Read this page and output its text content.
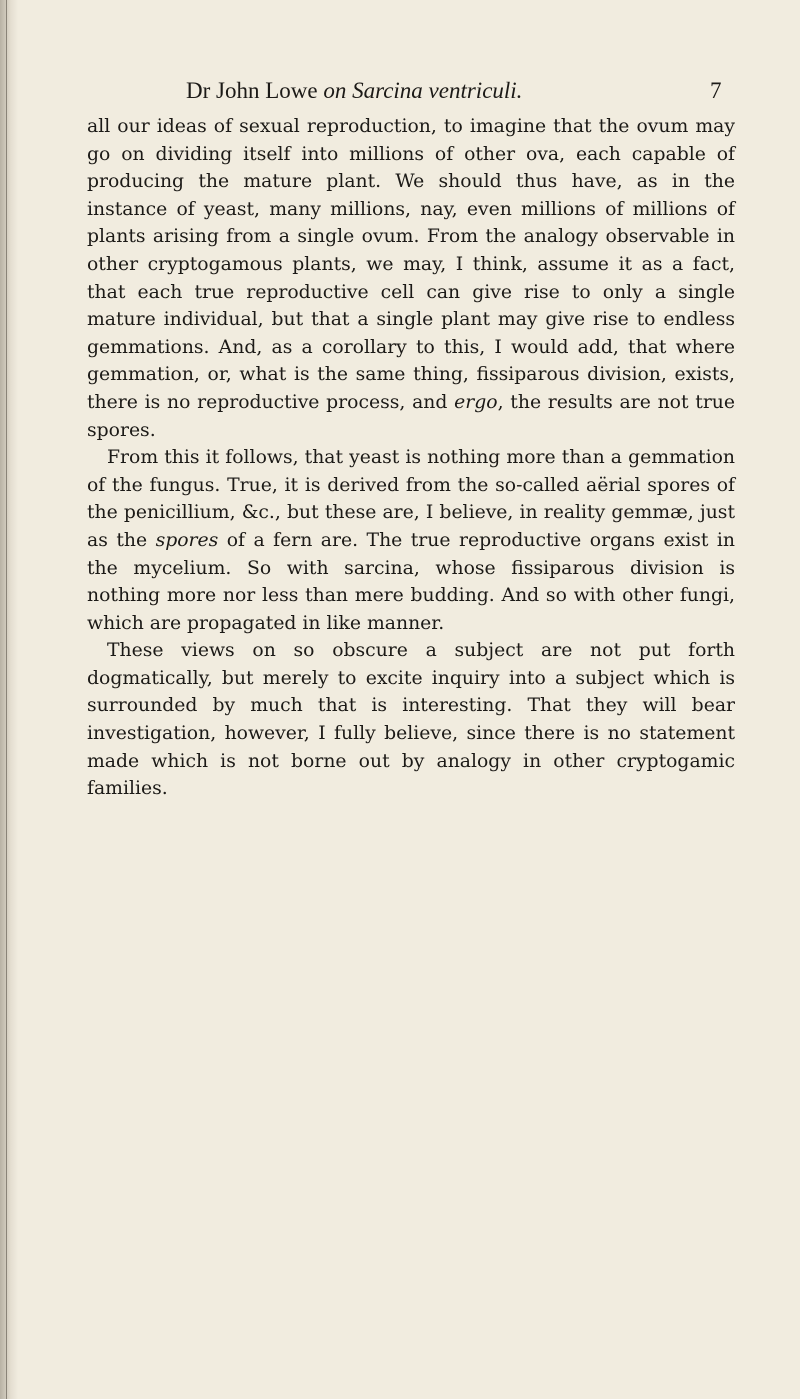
Dr John Lowe on Sarcina ventriculi.	7

all our ideas of sexual reproduction, to imagine that the ovum may go on dividing itself into millions of other ova, each capable of producing the mature plant. We should thus have, as in the instance of yeast, many millions, nay, even millions of millions of plants arising from a single ovum. From the analogy observable in other cryptogamous plants, we may, I think, assume it as a fact, that each true reproductive cell can give rise to only a single mature individual, but that a single plant may give rise to endless gemmations. And, as a corollary to this, I would add, that where gemmation, or, what is the same thing, fissiparous division, exists, there is no reproductive process, and ergo, the results are not true spores.

From this it follows, that yeast is nothing more than a gemmation of the fungus. True, it is derived from the so-called aërial spores of the penicillium, &c., but these are, I believe, in reality gemmæ, just as the spores of a fern are. The true reproductive organs exist in the mycelium. So with sarcina, whose fissiparous division is nothing more nor less than mere budding. And so with other fungi, which are propagated in like manner.

These views on so obscure a subject are not put forth dogmatically, but merely to excite inquiry into a subject which is surrounded by much that is interesting. That they will bear investigation, however, I fully believe, since there is no statement made which is not borne out by analogy in other cryptogamic families.
